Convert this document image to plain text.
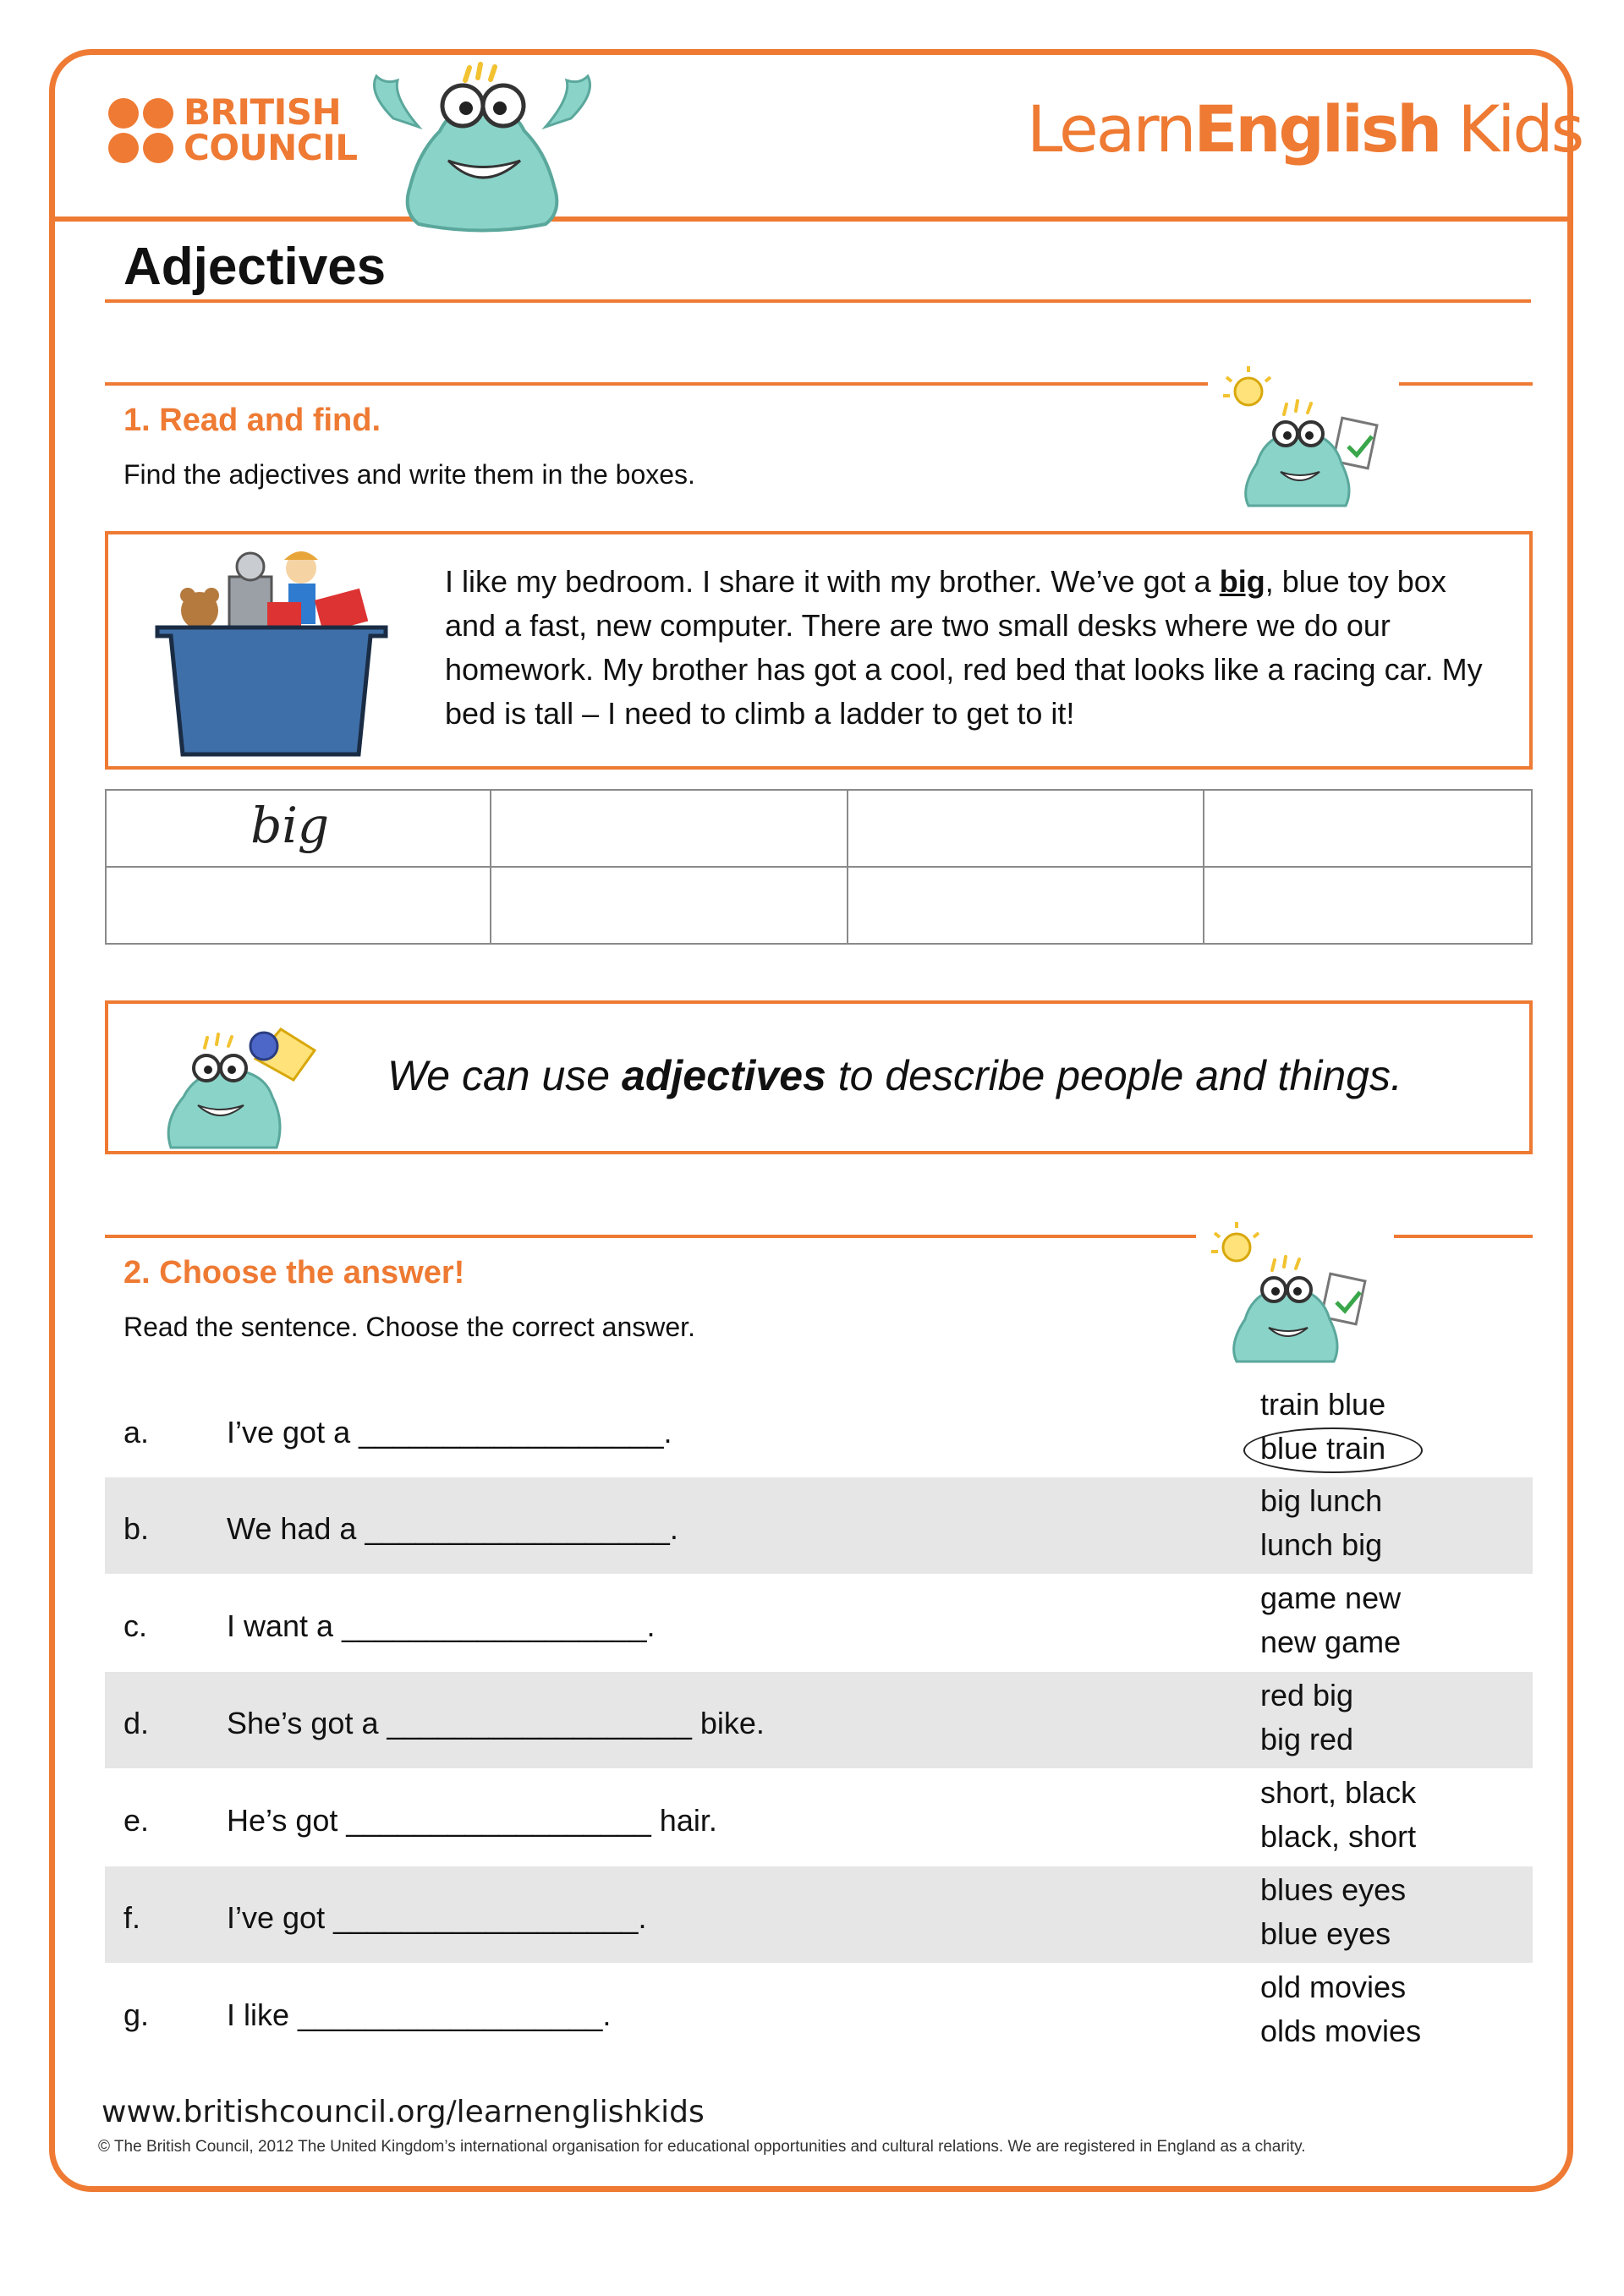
BRITISH
COUNCIL	LearnEnglish Kids
Adjectives
1. Read and find.
Find the adjectives and write them in the boxes.
I like my bedroom. I share it with my brother. We’ve got a big, blue toy box and a fast, new computer. There are two small desks where we do our homework. My brother has got a cool, red bed that looks like a racing car. My bed is tall – I need to climb a ladder to get to it!
big			

We can use adjectives to describe people and things.
2. Choose the answer!
Read the sentence. Choose the correct answer.
a.	I’ve got a __________________.
train blue
blue train
b.	We had a __________________.
big lunch
lunch big
c.	I want a __________________.
game new
new game
d.	She’s got a __________________ bike.
red big
big red
e.	He’s got __________________ hair.
short, black
black, short
f.	I’ve got __________________.
blues eyes
blue eyes
g.	I like __________________.
old movies
olds movies
www.britishcouncil.org/learnenglishkids
© The British Council, 2012 The United Kingdom’s international organisation for educational opportunities and cultural relations. We are registered in England as a charity.
